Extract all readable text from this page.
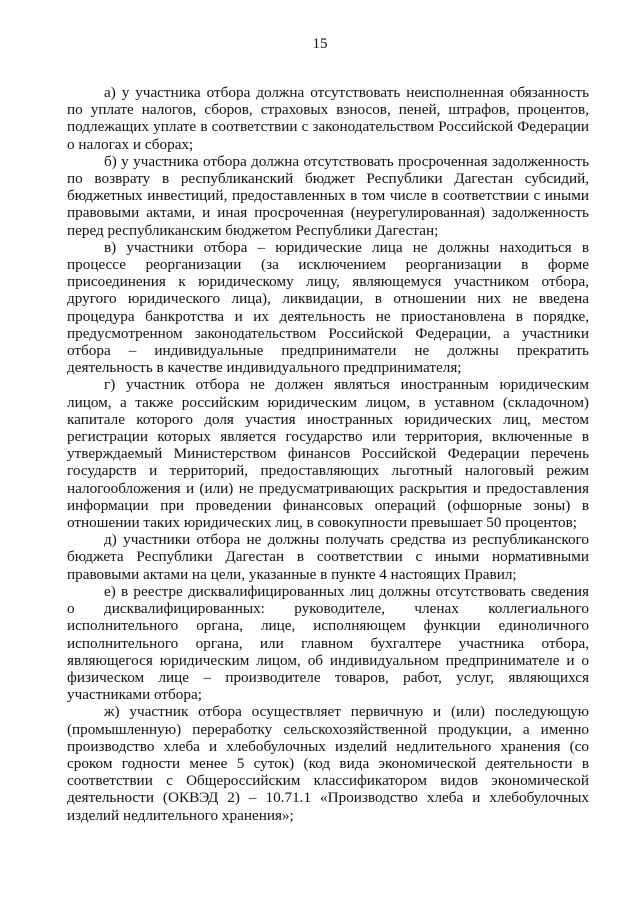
15

а) у участника отбора должна отсутствовать неисполненная обязанность по уплате налогов, сборов, страховых взносов, пеней, штрафов, процентов, подлежащих уплате в соответствии с законодательством Российской Федерации о налогах и сборах;

б) у участника отбора должна отсутствовать просроченная задолженность по возврату в республиканский бюджет Республики Дагестан субсидий, бюджетных инвестиций, предоставленных в том числе в соответствии с иными правовыми актами, и иная просроченная (неурегулированная) задолженность перед республиканским бюджетом Республики Дагестан;

в) участники отбора – юридические лица не должны находиться в процессе реорганизации (за исключением реорганизации в форме присоединения к юридическому лицу, являющемуся участником отбора, другого юридического лица), ликвидации, в отношении них не введена процедура банкротства и их деятельность не приостановлена в порядке, предусмотренном законодательством Российской Федерации, а участники отбора – индивидуальные предприниматели не должны прекратить деятельность в качестве индивидуального предпринимателя;

г) участник отбора не должен являться иностранным юридическим лицом, а также российским юридическим лицом, в уставном (складочном) капитале которого доля участия иностранных юридических лиц, местом регистрации которых является государство или территория, включенные в утверждаемый Министерством финансов Российской Федерации перечень государств и территорий, предоставляющих льготный налоговый режим налогообложения и (или) не предусматривающих раскрытия и предоставления информации при проведении финансовых операций (офшорные зоны) в отношении таких юридических лиц, в совокупности превышает 50 процентов;

д) участники отбора не должны получать средства из республиканского бюджета Республики Дагестан в соответствии с иными нормативными правовыми актами на цели, указанные в пункте 4 настоящих Правил;

е) в реестре дисквалифицированных лиц должны отсутствовать сведения о дисквалифицированных: руководителе, членах коллегиального исполнительного органа, лице, исполняющем функции единоличного исполнительного органа, или главном бухгалтере участника отбора, являющегося юридическим лицом, об индивидуальном предпринимателе и о физическом лице – производителе товаров, работ, услуг, являющихся участниками отбора;

ж) участник отбора осуществляет первичную и (или) последующую (промышленную) переработку сельскохозяйственной продукции, а именно производство хлеба и хлебобулочных изделий недлительного хранения (со сроком годности менее 5 суток) (код вида экономической деятельности в соответствии с Общероссийским классификатором видов экономической деятельности (ОКВЭД 2) – 10.71.1 «Производство хлеба и хлебобулочных изделий недлительного хранения»;
